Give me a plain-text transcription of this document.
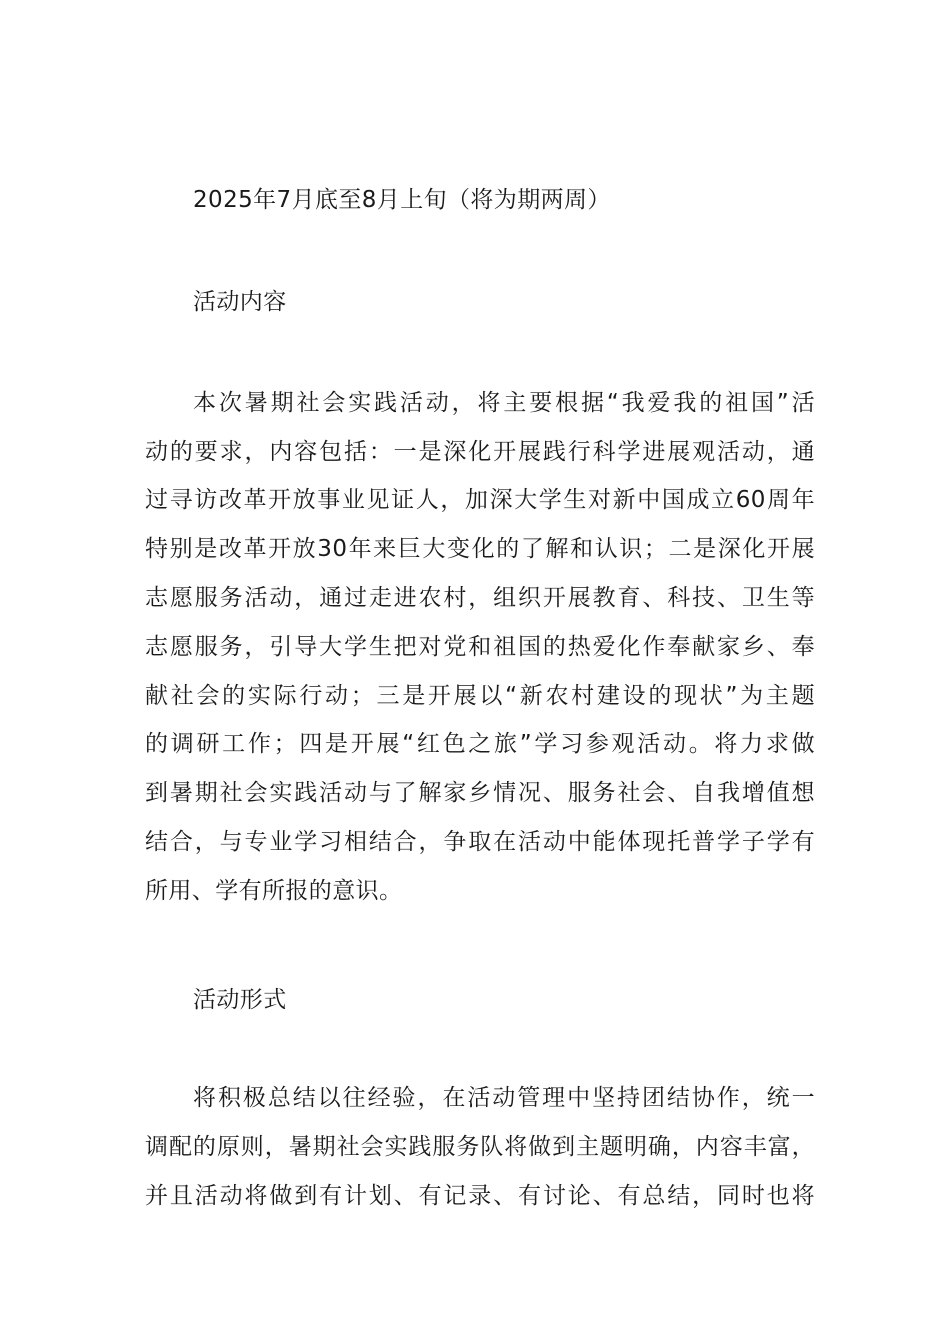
2025年7月底至8月上旬（将为期两周）
活动内容
本次暑期社会实践活动，将主要根据“我爱我的祖国”活
动的要求，内容包括：一是深化开展践行科学进展观活动，通
过寻访改革开放事业见证人，加深大学生对新中国成立60周年
特别是改革开放30年来巨大变化的了解和认识；二是深化开展
志愿服务活动，通过走进农村，组织开展教育、科技、卫生等
志愿服务，引导大学生把对党和祖国的热爱化作奉献家乡、奉
献社会的实际行动；三是开展以“新农村建设的现状”为主题
的调研工作；四是开展“红色之旅”学习参观活动。将力求做
到暑期社会实践活动与了解家乡情况、服务社会、自我增值想
结合，与专业学习相结合，争取在活动中能体现托普学子学有
所用、学有所报的意识。
活动形式
将积极总结以往经验，在活动管理中坚持团结协作，统一
调配的原则，暑期社会实践服务队将做到主题明确，内容丰富，
并且活动将做到有计划、有记录、有讨论、有总结，同时也将
